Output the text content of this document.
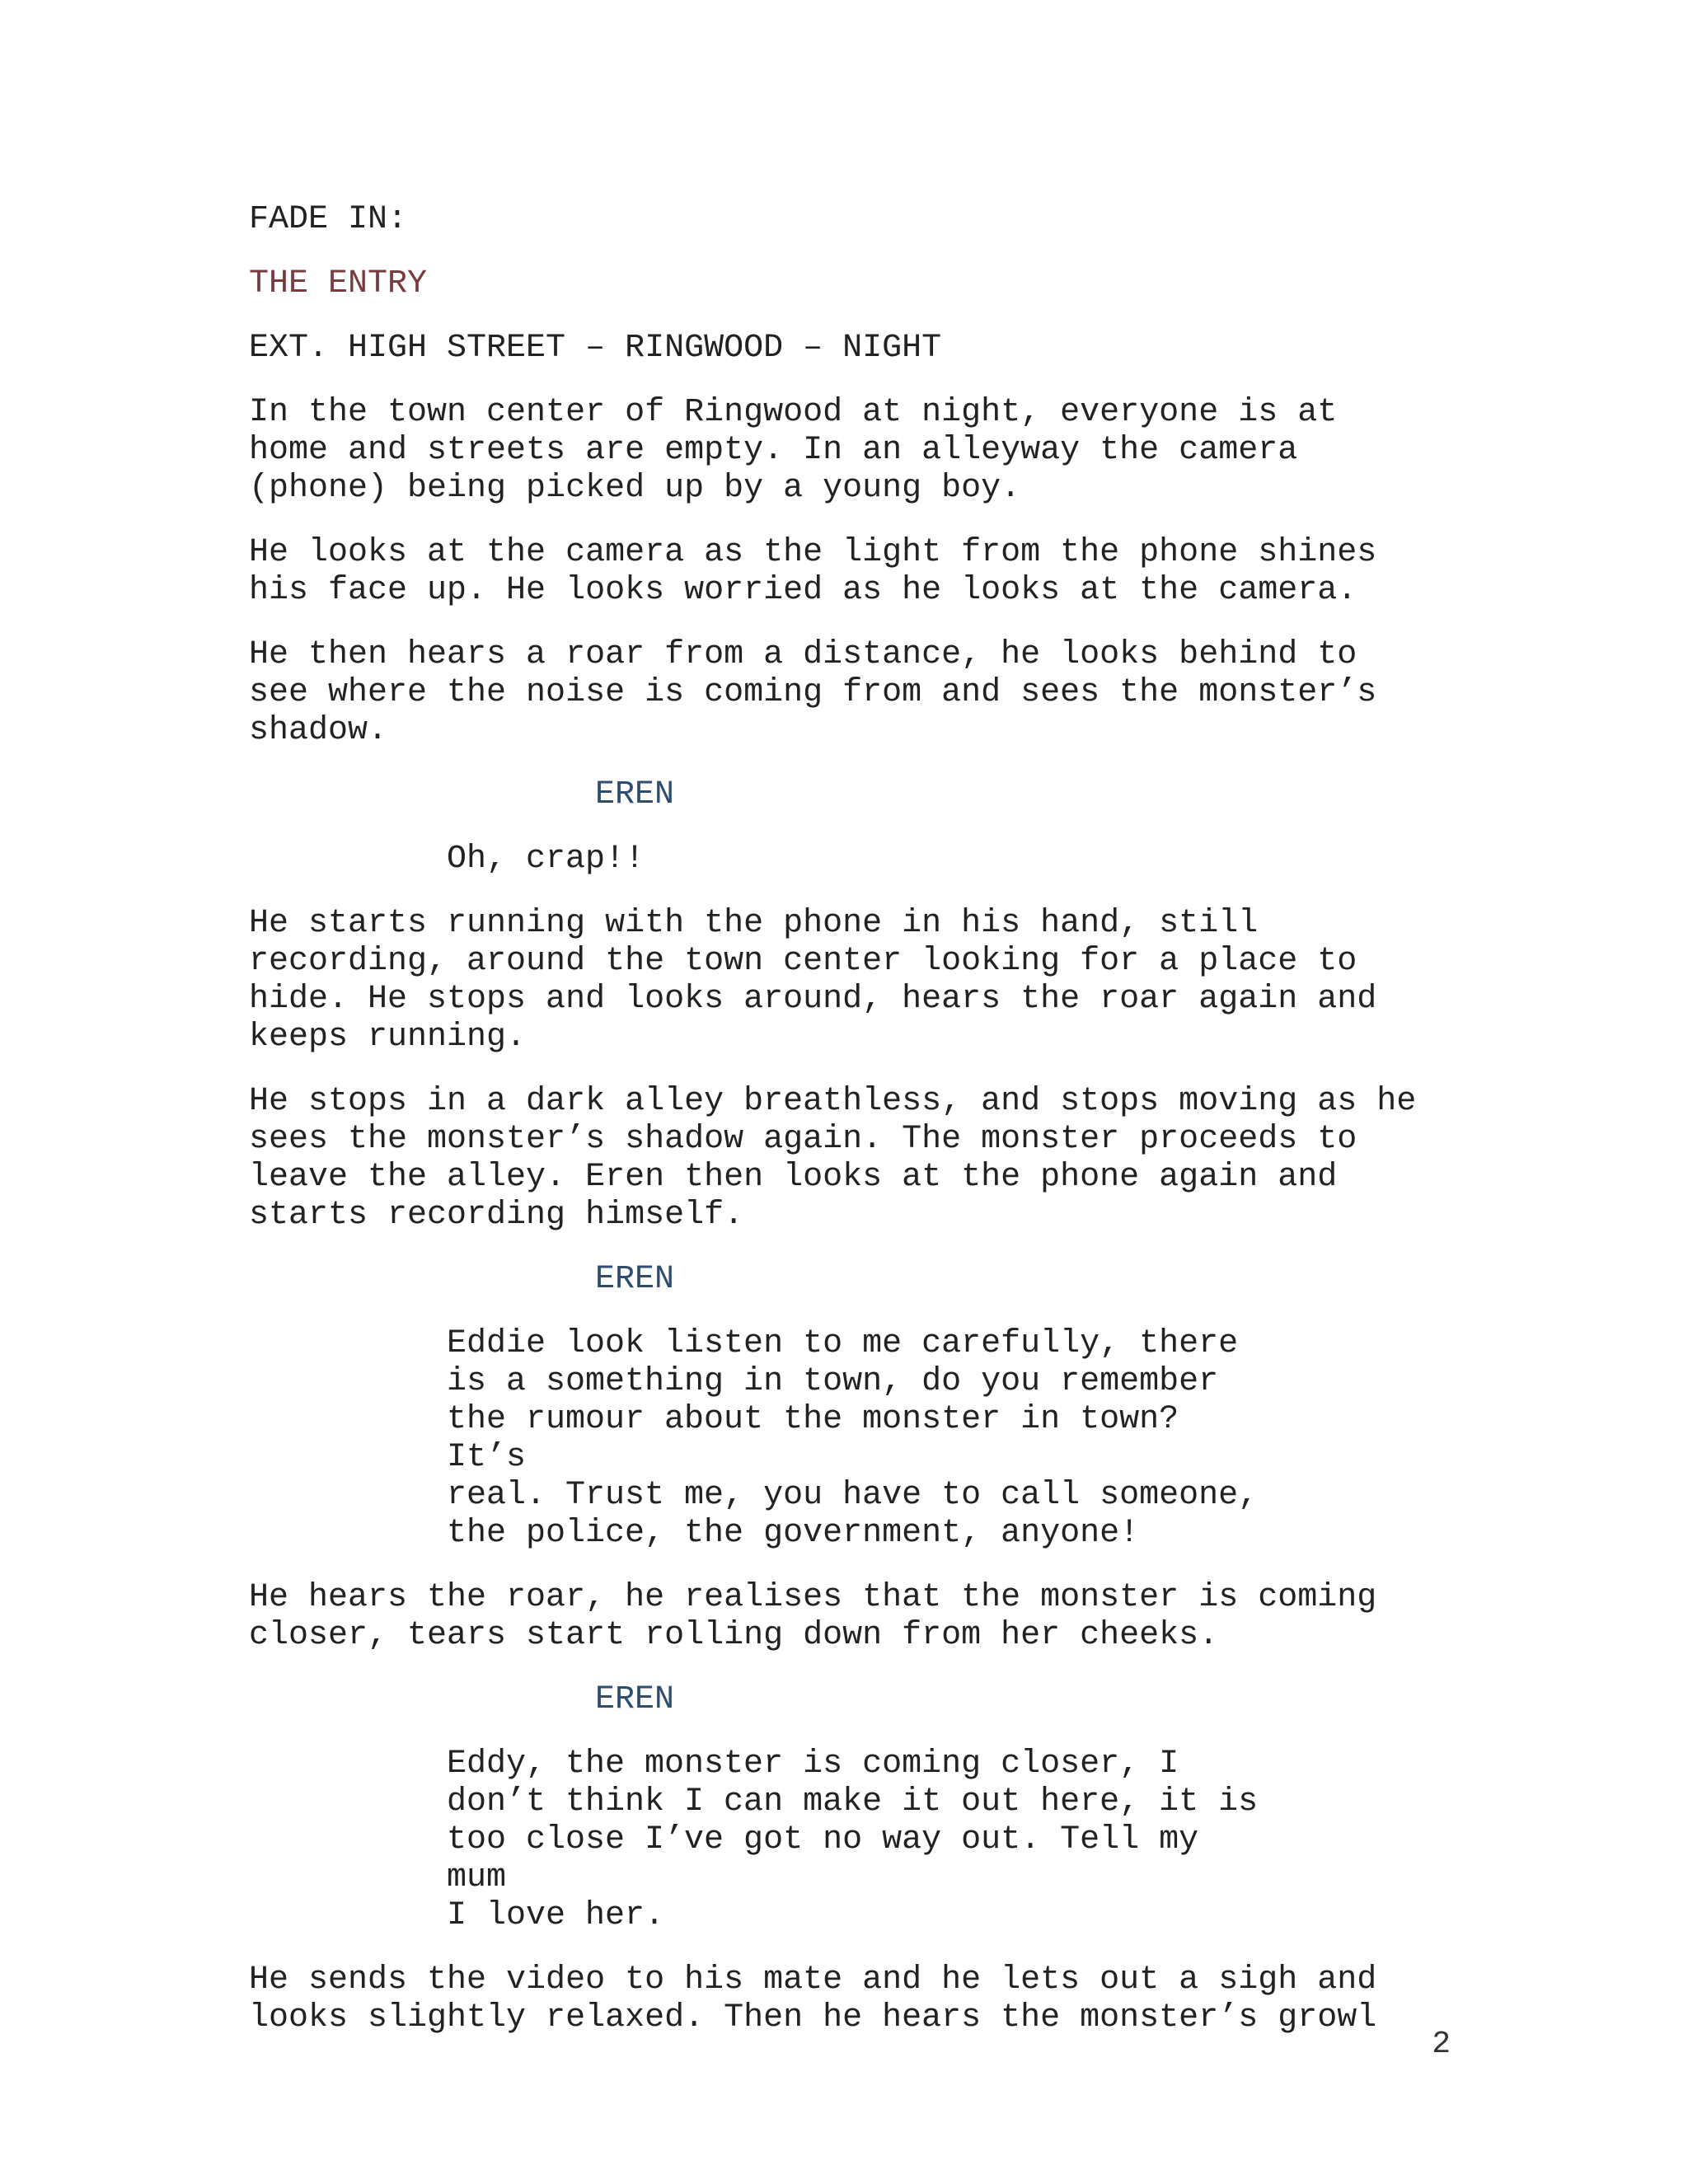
FADE IN:

THE ENTRY

EXT. HIGH STREET – RINGWOOD – NIGHT

In the town center of Ringwood at night, everyone is at
home and streets are empty. In an alleyway the camera
(phone) being picked up by a young boy.

He looks at the camera as the light from the phone shines
his face up. He looks worried as he looks at the camera.

He then hears a roar from a distance, he looks behind to
see where the noise is coming from and sees the monster’s
shadow.

EREN

Oh, crap!!

He starts running with the phone in his hand, still
recording, around the town center looking for a place to
hide. He stops and looks around, hears the roar again and
keeps running.

He stops in a dark alley breathless, and stops moving as he
sees the monster’s shadow again. The monster proceeds to
leave the alley. Eren then looks at the phone again and
starts recording himself.

EREN

Eddie look listen to me carefully, there
is a something in town, do you remember
the rumour about the monster in town? It’s
real. Trust me, you have to call someone,
the police, the government, anyone!

He hears the roar, he realises that the monster is coming
closer, tears start rolling down from her cheeks.

EREN

Eddy, the monster is coming closer, I
don’t think I can make it out here, it is
too close I’ve got no way out. Tell my mum
I love her.

He sends the video to his mate and he lets out a sigh and
looks slightly relaxed. Then he hears the monster’s growl

2
